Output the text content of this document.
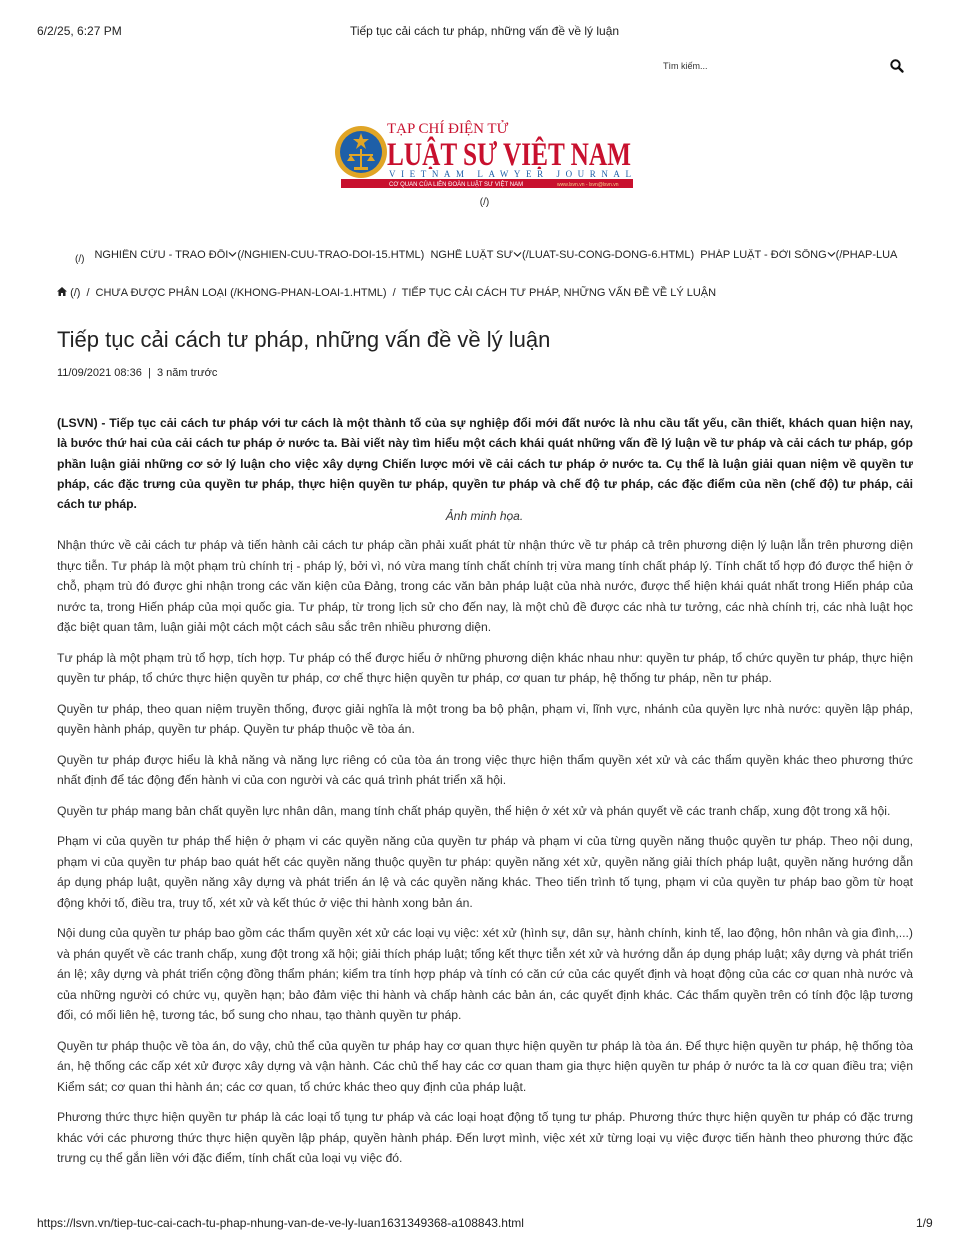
6/2/25, 6:27 PM	Tiếp tục cải cách tư pháp, những vấn đề về lý luận
Tìm kiếm...
TẠP CHÍ ĐIỆN TỬ
LUẬT SƯ VIỆT
VIETNAM LAWYER JOURNAL
CƠ QUAN CỦA LIÊN ĐOÀN LUẬT SƯ VIỆT NAM	www.lsvn.vn - lsvn@lsvn.vn
(/)
(/) NGHIÊN CỨU - TRAO ĐỔI(/NGHIEN-CUU-TRAO-DOI-15.HTML) NGHỀ LUẬT SƯ(/LUAT-SU-CONG-DONG-6.HTML) PHÁP LUẬT - ĐỜI SỐNG(/PHAP-LUA
(/) / CHƯA ĐƯỢC PHÂN LOẠI (/KHONG-PHAN-LOAI-1.HTML) / TIẾP TỤC CẢI CÁCH TƯ PHÁP, NHỮNG VẤN ĐỀ VỀ LÝ LUẬN
Tiếp tục cải cách tư pháp, những vấn đề về lý luận
11/09/2021 08:36  |  3 năm trước

(LSVN) - Tiếp tục cải cách tư pháp với tư cách là một thành tố của sự nghiệp đổi mới đất nước là nhu cầu tất yếu, cần thiết, khách quan hiện nay, là bước thứ hai của cải cách tư pháp ở nước ta. Bài viết này tìm hiểu một cách khái quát những vấn đề lý luận về tư pháp và cải cách tư pháp, góp phần luận giải những cơ sở lý luận cho việc xây dựng Chiến lược mới về cải cách tư pháp ở nước ta. Cụ thể là luận giải quan niệm về quyền tư pháp, các đặc trưng của quyền tư pháp, thực hiện quyền tư pháp, quyền tư pháp và chế độ tư pháp, các đặc điểm của nền (chế độ) tư pháp, cải cách tư pháp.

Ảnh minh họa.

Nhận thức về cải cách tư pháp và tiến hành cải cách tư pháp cần phải xuất phát từ nhận thức về tư pháp cả trên phương diện lý luận lẫn trên phương diện thực tiễn. Tư pháp là một phạm trù chính trị - pháp lý, bởi vì, nó vừa mang tính chất chính trị vừa mang tính chất pháp lý. Tính chất tổ hợp đó được thể hiện ở chỗ, phạm trù đó được ghi nhận trong các văn kiện của Đảng, trong các văn bản pháp luật của nhà nước, được thể hiện khái quát nhất trong Hiến pháp của nước ta, trong Hiến pháp của mọi quốc gia. Tư pháp, từ trong lịch sử cho đến nay, là một chủ đề được các nhà tư tưởng, các nhà chính trị, các nhà luật học đặc biệt quan tâm, luận giải một cách một cách sâu sắc trên nhiều phương diện.

Tư pháp là một phạm trù tổ hợp, tích hợp. Tư pháp có thể được hiểu ở những phương diện khác nhau như: quyền tư pháp, tổ chức quyền tư pháp, thực hiện quyền tư pháp, tổ chức thực hiện quyền tư pháp, cơ chế thực hiện quyền tư pháp, cơ quan tư pháp, hệ thống tư pháp, nền tư pháp.

Quyền tư pháp, theo quan niệm truyền thống, được giải nghĩa là một trong ba bộ phận, phạm vi, lĩnh vực, nhánh của quyền lực nhà nước: quyền lập pháp, quyền hành pháp, quyền tư pháp. Quyền tư pháp thuộc về tòa án.

Quyền tư pháp được hiểu là khả năng và năng lực riêng có của tòa án trong việc thực hiện thẩm quyền xét xử và các thẩm quyền khác theo phương thức nhất định để tác động đến hành vi của con người và các quá trình phát triển xã hội.

Quyền tư pháp mang bản chất quyền lực nhân dân, mang tính chất pháp quyền, thể hiện ở xét xử và phán quyết về các tranh chấp, xung đột trong xã hội.

Phạm vi của quyền tư pháp thể hiện ở phạm vi các quyền năng của quyền tư pháp và phạm vi của từng quyền năng thuộc quyền tư pháp. Theo nội dung, phạm vi của quyền tư pháp bao quát hết các quyền năng thuộc quyền tư pháp: quyền năng xét xử, quyền năng giải thích pháp luật, quyền năng hướng dẫn áp dụng pháp luật, quyền năng xây dựng và phát triển án lệ và các quyền năng khác. Theo tiến trình tố tụng, phạm vi của quyền tư pháp bao gồm từ hoạt động khởi tố, điều tra, truy tố, xét xử và kết thúc ở việc thi hành xong bản án.

Nội dung của quyền tư pháp bao gồm các thẩm quyền xét xử các loại vụ việc: xét xử (hình sự, dân sự, hành chính, kinh tế, lao động, hôn nhân và gia đình,...) và phán quyết về các tranh chấp, xung đột trong xã hội; giải thích pháp luật; tổng kết thực tiễn xét xử và hướng dẫn áp dụng pháp luật; xây dựng và phát triển án lệ; xây dựng và phát triển cộng đồng thẩm phán; kiểm tra tính hợp pháp và tính có căn cứ của các quyết định và hoạt động của các cơ quan nhà nước và của những người có chức vụ, quyền hạn; bảo đảm việc thi hành và chấp hành các bản án, các quyết định khác. Các thẩm quyền trên có tính độc lập tương đối, có mối liên hệ, tương tác, bổ sung cho nhau, tạo thành quyền tư pháp.

Quyền tư pháp thuộc về tòa án, do vậy, chủ thể của quyền tư pháp hay cơ quan thực hiện quyền tư pháp là tòa án. Để thực hiện quyền tư pháp, hệ thống tòa án, hệ thống các cấp xét xử được xây dựng và vận hành. Các chủ thể hay các cơ quan tham gia thực hiện quyền tư pháp ở nước ta là cơ quan điều tra; viện Kiểm sát; cơ quan thi hành án; các cơ quan, tổ chức khác theo quy định của pháp luật.

Phương thức thực hiện quyền tư pháp là các loại tố tụng tư pháp và các loại hoạt động tố tụng tư pháp. Phương thức thực hiện quyền tư pháp có đặc trưng khác với các phương thức thực hiện quyền lập pháp, quyền hành pháp. Đến lượt mình, việc xét xử từng loại vụ việc được tiến hành theo phương thức đặc trưng cụ thể gắn liền với đặc điểm, tính chất của loại vụ việc đó.

https://lsvn.vn/tiep-tuc-cai-cach-tu-phap-nhung-van-de-ve-ly-luan1631349368-a108843.html	1/9
